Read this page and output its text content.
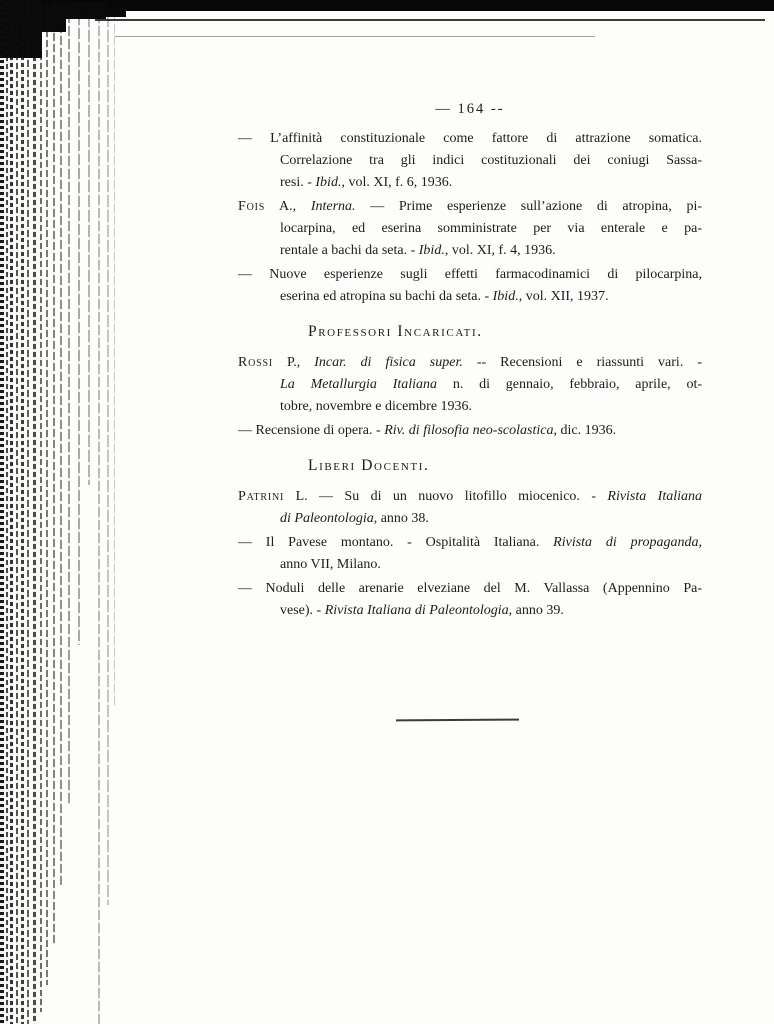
— 164 --
— L’affinità constituzionale come fattore di attrazione somatica.
Correlazione tra gli indici costituzionali dei coniugi Sassa-
resi. - Ibid., vol. XI, f. 6, 1936.
Fois A., Interna. — Prime esperienze sull’azione di atropina, pi-
locarpina, ed eserina somministrate per via enterale e pa-
rentale a bachi da seta. - Ibid., vol. XI, f. 4, 1936.
— Nuove esperienze sugli effetti farmacodinamici di pilocarpina,
eserina ed atropina su bachi da seta. - Ibid., vol. XII, 1937.
Professori Incaricati.
Rossi P., Incar. di fisica super. -- Recensioni e riassunti vari. -
La Metallurgia Italiana n. di gennaio, febbraio, aprile, ot-
tobre, novembre e dicembre 1936.
— Recensione di opera. - Riv. di filosofia neo-scolastica, dic. 1936.
Liberi Docenti.
Patrini L. — Su di un nuovo litofillo miocenico. - Rivista Italiana
di Paleontologia, anno 38.
— Il Pavese montano. - Ospitalità Italiana. Rivista di propaganda,
anno VII, Milano.
— Noduli delle arenarie elveziane del M. Vallassa (Appennino Pa-
vese). - Rivista Italiana di Paleontologia, anno 39.
